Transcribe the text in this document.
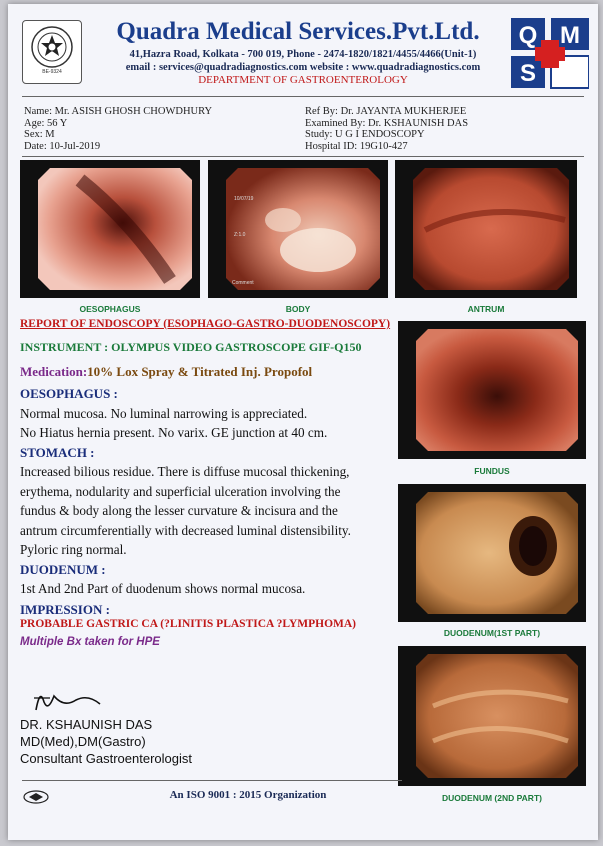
BE-9324
Quadra Medical Services.Pvt.Ltd.
41,Hazra Road, Kolkata - 700 019, Phone - 2474-1820/1821/4455/4466(Unit-1)
email : services@quadradiagnostics.com website : www.quadradiagnostics.com
DEPARTMENT OF GASTROENTEROLOGY
Q M
S
Name: Mr. ASISH GHOSH CHOWDHURY
Age: 56 Y
Sex: M
Date: 10-Jul-2019
Ref By: Dr. JAYANTA MUKHERJEE
Examined By: Dr. KSHAUNISH DAS
Study: U G I ENDOSCOPY
Hospital ID: 19G10-427
10/07/19
Z:1.0
Comment
OESOPHAGUS	BODY	ANTRUM
FUNDUS
DUODENUM(1ST PART)
DUODENUM (2ND PART)
REPORT OF ENDOSCOPY (ESOPHAGO-GASTRO-DUODENOSCOPY)
INSTRUMENT : OLYMPUS VIDEO GASTROSCOPE GIF-Q150
Medication:10% Lox Spray & Titrated Inj. Propofol
OESOPHAGUS :
Normal mucosa. No luminal narrowing is appreciated.
No Hiatus hernia present. No varix. GE junction at 40 cm.
STOMACH :
Increased bilious residue. There is diffuse mucosal thickening,
erythema, nodularity and superficial ulceration involving the
fundus & body along the lesser curvature & incisura and the
antrum circumferentially with decreased luminal distensibility.
Pyloric ring normal.
DUODENUM :
1st And 2nd Part of duodenum shows normal mucosa.
IMPRESSION :
PROBABLE GASTRIC CA (?LINITIS PLASTICA ?LYMPHOMA)
Multiple Bx taken for HPE
DR. KSHAUNISH DAS
MD(Med),DM(Gastro)
Consultant Gastroenterologist
An ISO 9001 : 2015 Organization
